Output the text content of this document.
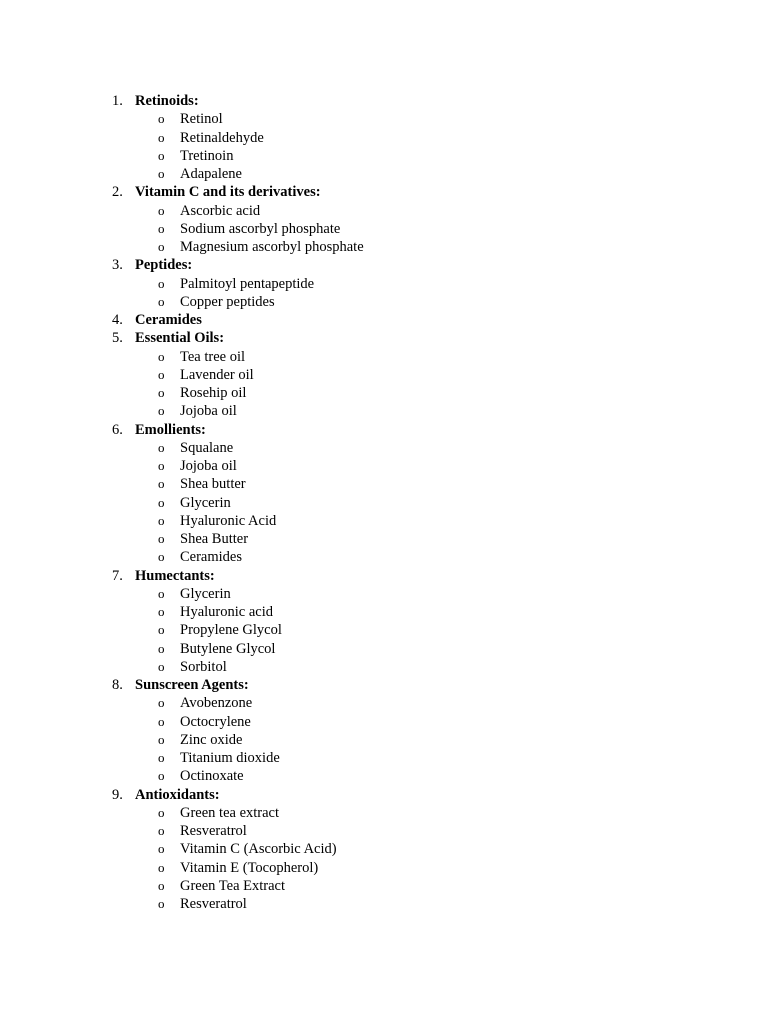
1. Retinoids:
o Retinol
o Retinaldehyde
o Tretinoin
o Adapalene
2. Vitamin C and its derivatives:
o Ascorbic acid
o Sodium ascorbyl phosphate
o Magnesium ascorbyl phosphate
3. Peptides:
o Palmitoyl pentapeptide
o Copper peptides
4. Ceramides
5. Essential Oils:
o Tea tree oil
o Lavender oil
o Rosehip oil
o Jojoba oil
6. Emollients:
o Squalane
o Jojoba oil
o Shea butter
o Glycerin
o Hyaluronic Acid
o Shea Butter
o Ceramides
7. Humectants:
o Glycerin
o Hyaluronic acid
o Propylene Glycol
o Butylene Glycol
o Sorbitol
8. Sunscreen Agents:
o Avobenzone
o Octocrylene
o Zinc oxide
o Titanium dioxide
o Octinoxate
9. Antioxidants:
o Green tea extract
o Resveratrol
o Vitamin C (Ascorbic Acid)
o Vitamin E (Tocopherol)
o Green Tea Extract
o Resveratrol
